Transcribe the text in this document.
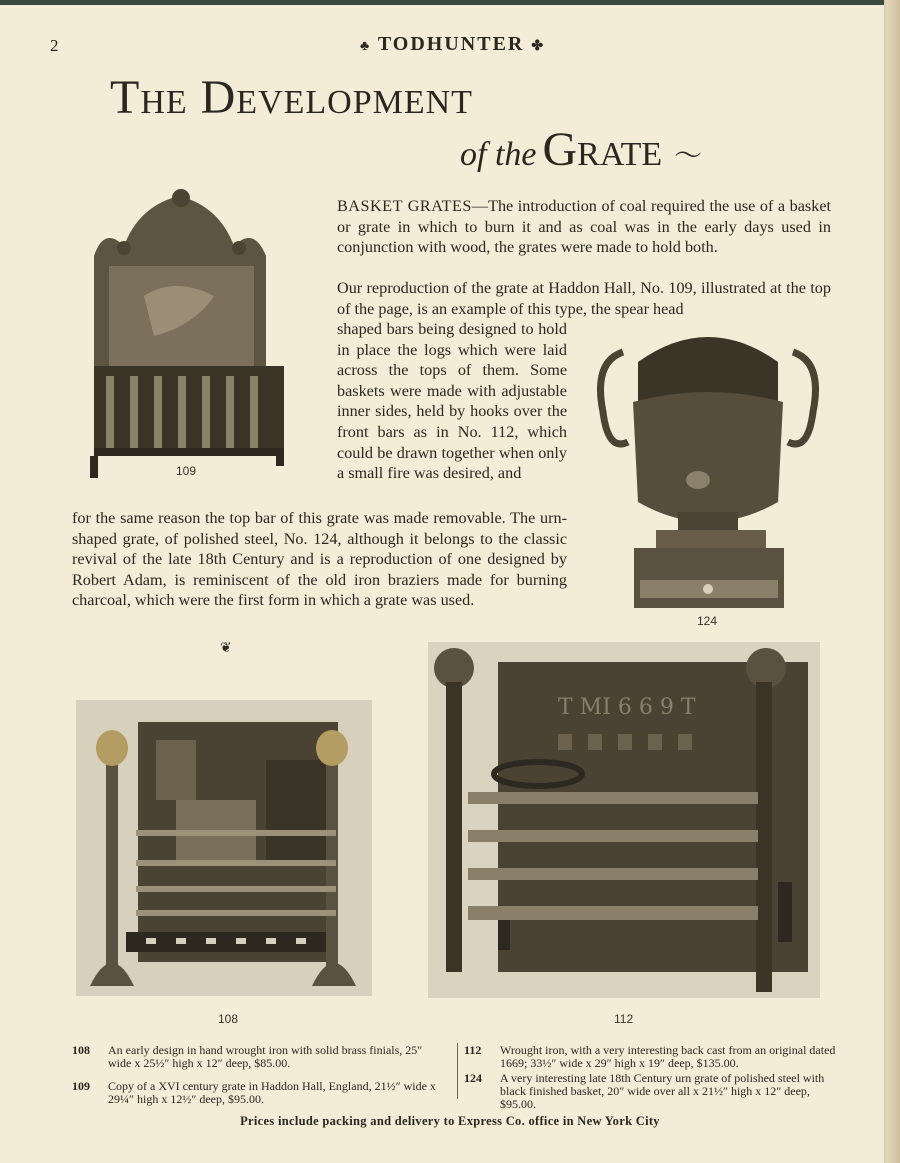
2	♣ TODHUNTER ✤
The Development
of the Grate 〜
109
BASKET GRATES—The introduction of coal required the use of a basket or grate in which to burn it and as coal was in the early days used in conjunction with wood, the grates were made to hold both.
Our reproduction of the grate at Haddon Hall, No. 109, illustrated at the top of the page, is an example of this type, the spear head
shaped bars being designed to hold in place the logs which were laid across the tops of them. Some baskets were made with adjustable inner sides, held by hooks over the front bars as in No. 112, which could be drawn together when only a small fire was desired, and
for the same reason the top bar of this grate was made removable. The urn-shaped grate, of polished steel, No. 124, although it belongs to the classic revival of the late 18th Century and is a reproduction of one designed by Robert Adam, is reminiscent of the old iron braziers made for burning charcoal, which were the first form in which a grate was used.
124
❦
108
T MI 6 6 9 T
112
108 An early design in hand wrought iron with solid brass finials, 25″ wide x 25½″ high x 12″ deep, $85.00.
109 Copy of a XVI century grate in Haddon Hall, England, 21½″ wide x 29¼″ high x 12½″ deep, $95.00.
112 Wrought iron, with a very interesting back cast from an original dated 1669; 33½″ wide x 29″ high x 19″ deep, $135.00.
124 A very interesting late 18th Century urn grate of polished steel with black finished basket, 20″ wide over all x 21½″ high x 12″ deep, $95.00.
Prices include packing and delivery to Express Co. office in New York City
